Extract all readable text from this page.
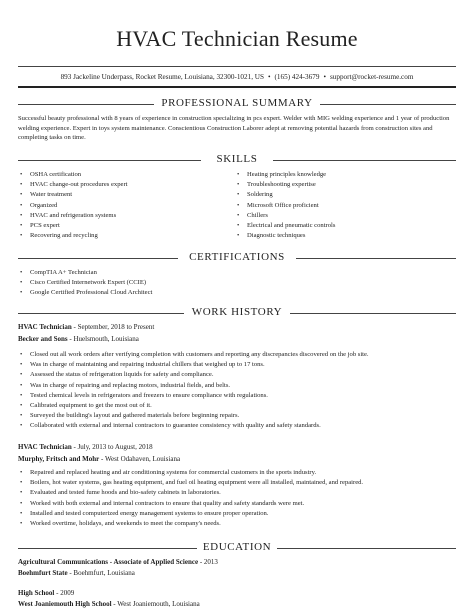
HVAC Technician Resume
893 Jackeline Underpass, Rocket Resume, Louisiana, 32300-1021, US • (165) 424-3679 • support@rocket-resume.com
PROFESSIONAL SUMMARY
Successful beauty professional with 8 years of experience in construction specializing in pcs expert. Welder with MIG welding experience and 1 year of production welding experience. Expert in toys system maintenance. Conscientious Construction Laborer adept at removing potential hazards from construction sites and completing tasks on time.
SKILLS
• OSHA certification
• HVAC change-out procedures expert
• Water treatment
• Organized
• HVAC and refrigeration systems
• PCS expert
• Recovering and recycling
• Heating principles knowledge
• Troubleshooting expertise
• Soldering
• Microsoft Office proficient
• Chillers
• Electrical and pneumatic controls
• Diagnostic techniques
CERTIFICATIONS
• CompTIA A+ Technician
• Cisco Certified Internetwork Expert (CCIE)
• Google Certified Professional Cloud Architect
WORK HISTORY
HVAC Technician - September, 2018 to Present
Becker and Sons - Huelsmouth, Louisiana
• Closed out all work orders after verifying completion with customers and reporting any discrepancies discovered on the job site.
• Was in charge of maintaining and repairing industrial chillers that weighed up to 17 tons.
• Assessed the status of refrigeration liquids for safety and compliance.
• Was in charge of repairing and replacing motors, industrial fields, and belts.
• Tested chemical levels in refrigerators and freezers to ensure compliance with regulations.
• Calibrated equipment to get the most out of it.
• Surveyed the building's layout and gathered materials before beginning repairs.
• Collaborated with external and internal contractors to guarantee consistency with quality and safety standards.
HVAC Technician - July, 2013 to August, 2018
Murphy, Fritsch and Mohr - West Odahaven, Louisiana
• Repaired and replaced heating and air conditioning systems for commercial customers in the sports industry.
• Boilers, hot water systems, gas heating equipment, and fuel oil heating equipment were all installed, maintained, and repaired.
• Evaluated and tested fume hoods and bio-safety cabinets in laboratories.
• Worked with both external and internal contractors to ensure that quality and safety standards were met.
• Installed and tested computerized energy management systems to ensure proper operation.
• Worked overtime, holidays, and weekends to meet the company's needs.
EDUCATION
Agricultural Communications - Associate of Applied Science - 2013
Boehmfurt State - Boehmfurt, Louisiana
High School - 2009
West Joaniemouth High School - West Joaniemouth, Louisiana
